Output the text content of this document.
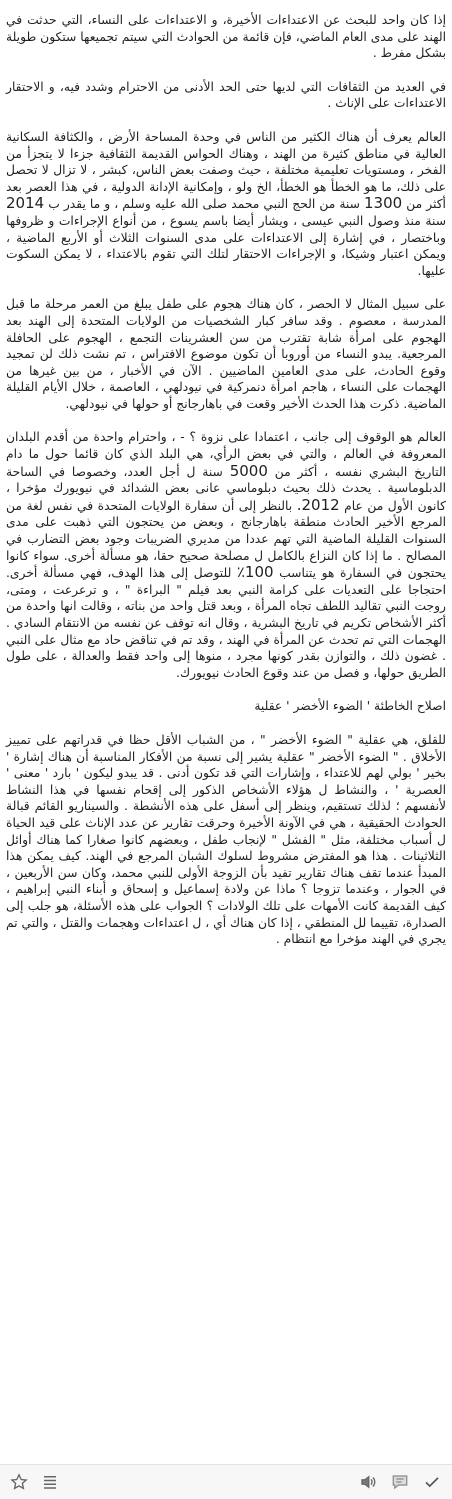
إذا كان واحد للبحث عن الاعتداءات الأخيرة، و الاعتداءات على النساء، التي حدثت في الهند على مدى العام الماضي، فإن قائمة من الحوادث التي سيتم تجميعها ستكون طويلة بشكل مفرط .

في العديد من الثقافات التي لديها حتى الحد الأدنى من الاحترام وشدد فيه، و الاحتقار الاعتداءات على الإناث .

العالم يعرف أن هناك الكثير من الناس في وحدة المساحة الأرض ، والكثافة السكانية العالية في مناطق كثيرة من الهند ، وهناك الحواس القديمة الثقافية جزءا لا يتجزأ من الفخر ، ومستويات تعليمية مختلفة ، حيث وصفت بعض الناس، كبشر ، لا تزال لا تحصل على ذلك، ما هو الخطأ هو الخطأ، الخ ولو ، وإمكانية الإدانة الدولية ، في هذا العصر بعد أكثر من 1300 سنة من الحج النبي محمد صلى الله عليه وسلم ، و ما يقدر ب 2014 سنة منذ وصول النبي عيسى ، ويشار أيضا باسم يسوع ، من أنواع الإجراءات و ظروفها وباختصار ، في إشارة إلى الاعتداءات على مدى السنوات الثلاث أو الأربع الماضية ، ويمكن اعتبار وشيكا، و الإجراءات الاحتقار لتلك التي تقوم بالاعتداء ، لا يمكن السكوت عليها.

على سبيل المثال لا الحصر ، كان هناك هجوم على طفل يبلغ من العمر مرحلة ما قبل المدرسة ، معصوم . وقد سافر كبار الشخصيات من الولايات المتحدة إلى الهند بعد الهجوم على امرأة شابة تقترب من سن العشرينات التجمع ، الهجوم على الحافلة المرجعية. يبدو النساء من أوروبا أن تكون موضوع الافتراس ، تم نشت ذلك لن تمجيد وقوع الحادث، على مدى العامين الماضيين . الآن في الأخبار ، من بين غيرها من الهجمات على النساء ، هاجم امرأة دنمركية في نيودلهي ، العاصمة ، خلال الأيام القليلة الماضية. ذكرت هذا الحدث الأخير وقعت في باهارجانج أو حولها في نيودلهي.

العالم هو الوقوف إلى جانب ، اعتمادا على نزوة ؟ - ، واحترام واحدة من أقدم البلدان المعروفة في العالم ، والتي في بعض الرأي، هي البلد الذي كان قائما حول ما دام التاريخ البشري نفسه ، أكثر من 5000 سنة ل أجل العدد، وخصوصا في الساحة الدبلوماسية . يحدث ذلك بحيث دبلوماسي عانى بعض الشدائد في نيويورك مؤخرا ، كانون الأول من عام 2012. بالنظر إلى أن سفارة الولايات المتحدة في نفس لغة من المرجع الأخير الحادث منطقة باهارجانج ، وبعض من يحتجون التي ذهبت على مدى السنوات القليلة الماضية التي تهم عددا من مديري الضريبات وجود بعض التضارب في المصالح . ما إذا كان النزاع بالكامل ل مصلحة صحيح حقا، هو مسألة أخرى. سواء كانوا يحتجون في السفارة هو يتناسب 100٪ للتوصل إلى هذا الهدف، فهي مسألة أخرى. احتجاجا على التعديات على كرامة النبي بعد فيلم " البراءة " ، و ترعرعت ، ومتى، روجت النبي تقاليد اللطف تجاه المرأة ، وبعد قتل واحد من بناته ، وقالت انها واحدة من أكثر الأشخاص تكريم في تاريخ البشرية ، وقال انه توقف عن نفسه من الانتقام السادي . الهجمات التي تم تحدث عن المرأة في الهند ، وقد تم في تناقض حاد مع مثال على النبي . غضون ذلك ، والتوازن بقدر كونها مجرد ، منوها إلى واحد فقط والعدالة ، على طول الطريق حولها، و فصل من عند وقوع الحادث نيويورك.

اصلاح الخاطئة ' الضوء الأخضر ' عقلية

للقلق، هي عقلية " الضوء الأخضر " ، من الشباب الأقل حظا في قدراتهم على تمييز الأخلاق . " الضوء الأخضر " عقلية يشير إلى نسبة من الأفكار المناسبة أن هناك إشارة ' بخير ' بولي لهم للاعتداء ، وإشارات التي قد تكون أدنى . قد يبدو ليكون ' بارد ' معنى ' العصرية ' ، والنشاط ل هؤلاء الأشخاص الذكور إلى إقحام نفسها في هذا النشاط لأنفسهم ؛ لذلك تستقيم، وينظر إلى أسفل على هذه الأنشطة . والسيناريو القائم قبالة الحوادث الحقيقية ، هي في الآونة الأخيرة وحرقت تقارير عن عدد الإناث على قيد الحياة ل أسباب مختلفة، مثل " الفشل " لإنجاب طفل ، وبعضهم كانوا صغارا كما هناك أوائل الثلاثينات . هذا هو المفترض مشروط لسلوك الشبان المرجع في الهند. كيف يمكن هذا المبدأ عندما تقف هناك تقارير تفيد بأن الزوجة الأولى للنبي محمد، وكان سن الأربعين ، في الجوار ، وعندما تزوجا ؟ ماذا عن ولادة إسماعيل و إسحاق و أبناء النبي إبراهيم ، كيف القديمة كانت الأمهات على تلك الولادات ؟ الجواب على هذه الأسئلة، هو جلب إلى الصدارة، تقييما لل المنطقي ، إذا كان هناك أي ، ل اعتداءات وهجمات والقتل ، والتي تم يجري في الهند مؤخرا مع انتظام .
